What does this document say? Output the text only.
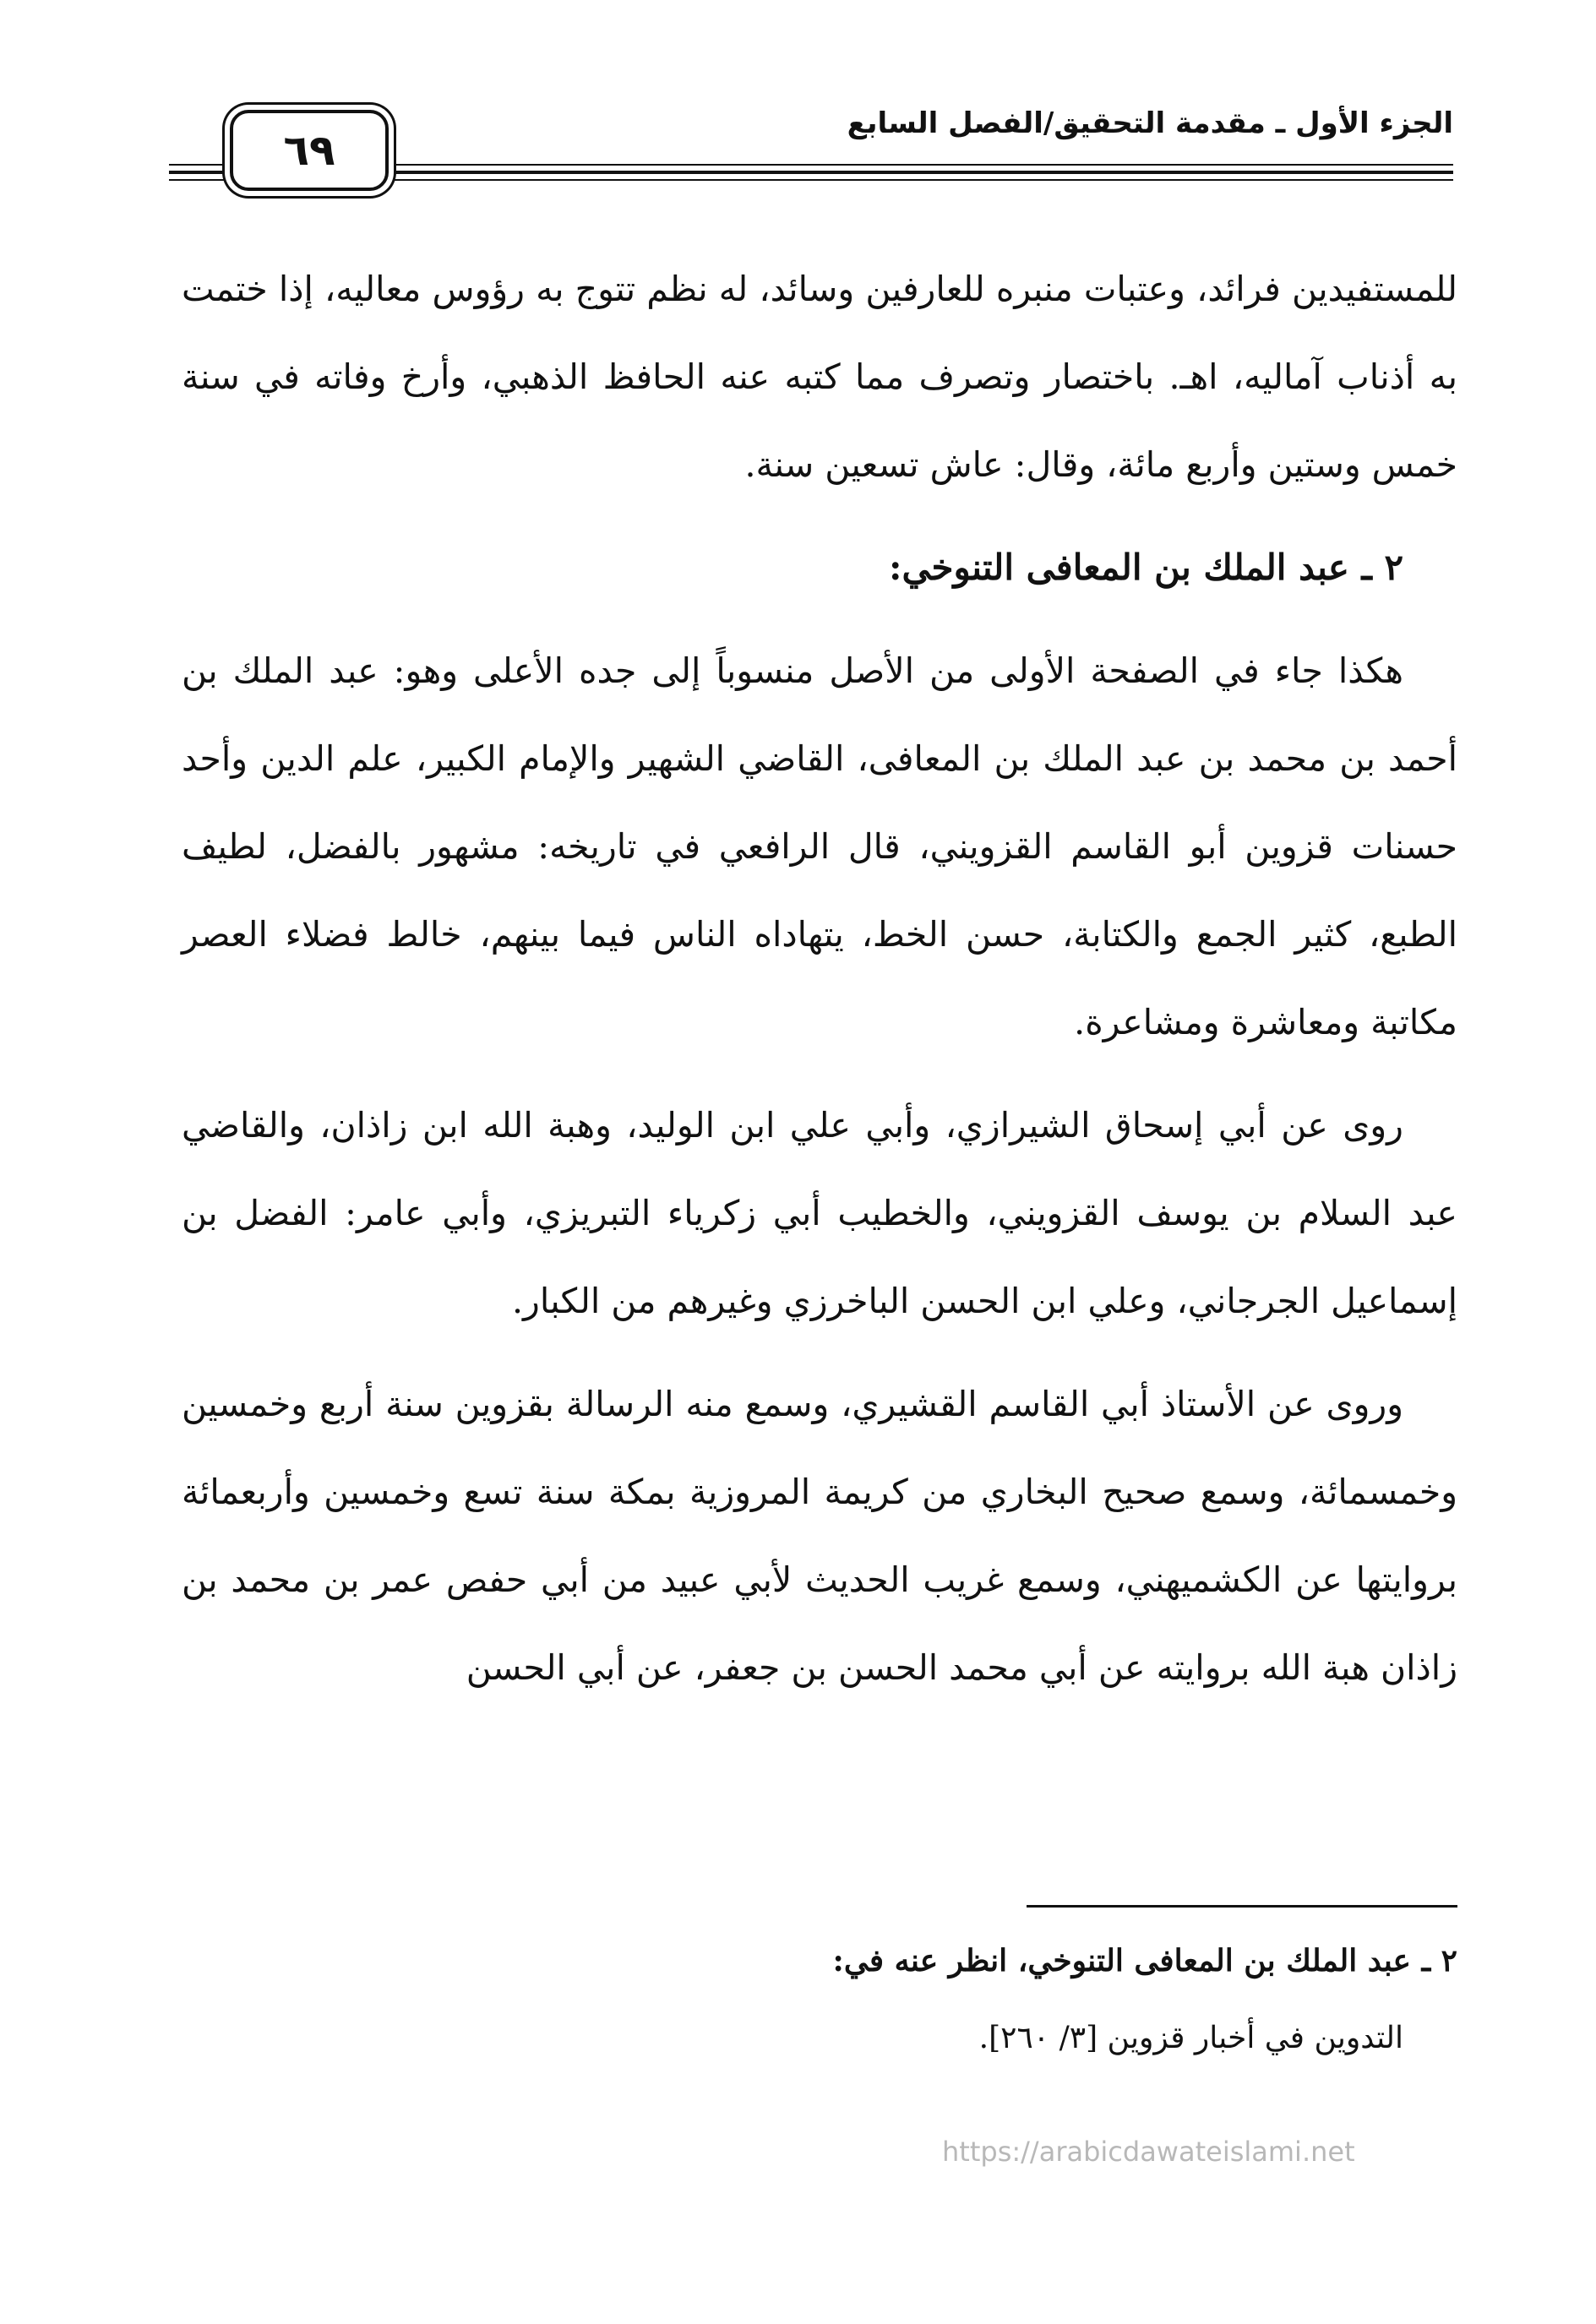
الجزء الأول ـ مقدمة التحقيق/الفصل السابع
٦٩

للمستفيدين فرائد، وعتبات منبره للعارفين وسائد، له نظم تتوج به رؤوس معاليه، إذا ختمت به أذناب آماليه، اهـ. باختصار وتصرف مما كتبه عنه الحافظ الذهبي، وأرخ وفاته في سنة خمس وستين وأربع مائة، وقال: عاش تسعين سنة.

٢ ـ عبد الملك بن المعافى التنوخي:

هكذا جاء في الصفحة الأولى من الأصل منسوباً إلى جده الأعلى وهو: عبد الملك بن أحمد بن محمد بن عبد الملك بن المعافى، القاضي الشهير والإمام الكبير، علم الدين وأحد حسنات قزوين أبو القاسم القزويني، قال الرافعي في تاريخه: مشهور بالفضل، لطيف الطبع، كثير الجمع والكتابة، حسن الخط، يتهاداه الناس فيما بينهم، خالط فضلاء العصر مكاتبة ومعاشرة ومشاعرة.

روى عن أبي إسحاق الشيرازي، وأبي علي ابن الوليد، وهبة الله ابن زاذان، والقاضي عبد السلام بن يوسف القزويني، والخطيب أبي زكرياء التبريزي، وأبي عامر: الفضل بن إسماعيل الجرجاني، وعلي ابن الحسن الباخرزي وغيرهم من الكبار.

وروى عن الأستاذ أبي القاسم القشيري، وسمع منه الرسالة بقزوين سنة أربع وخمسين وخمسمائة، وسمع صحيح البخاري من كريمة المروزية بمكة سنة تسع وخمسين وأربعمائة بروايتها عن الكشميهني، وسمع غريب الحديث لأبي عبيد من أبي حفص عمر بن محمد بن زاذان هبة الله بروايته عن أبي محمد الحسن بن جعفر، عن أبي الحسن

٢ ـ عبد الملك بن المعافى التنوخي، انظر عنه في:

التدوين في أخبار قزوين [٣/ ٢٦٠].

https://arabicdawateislami.net
